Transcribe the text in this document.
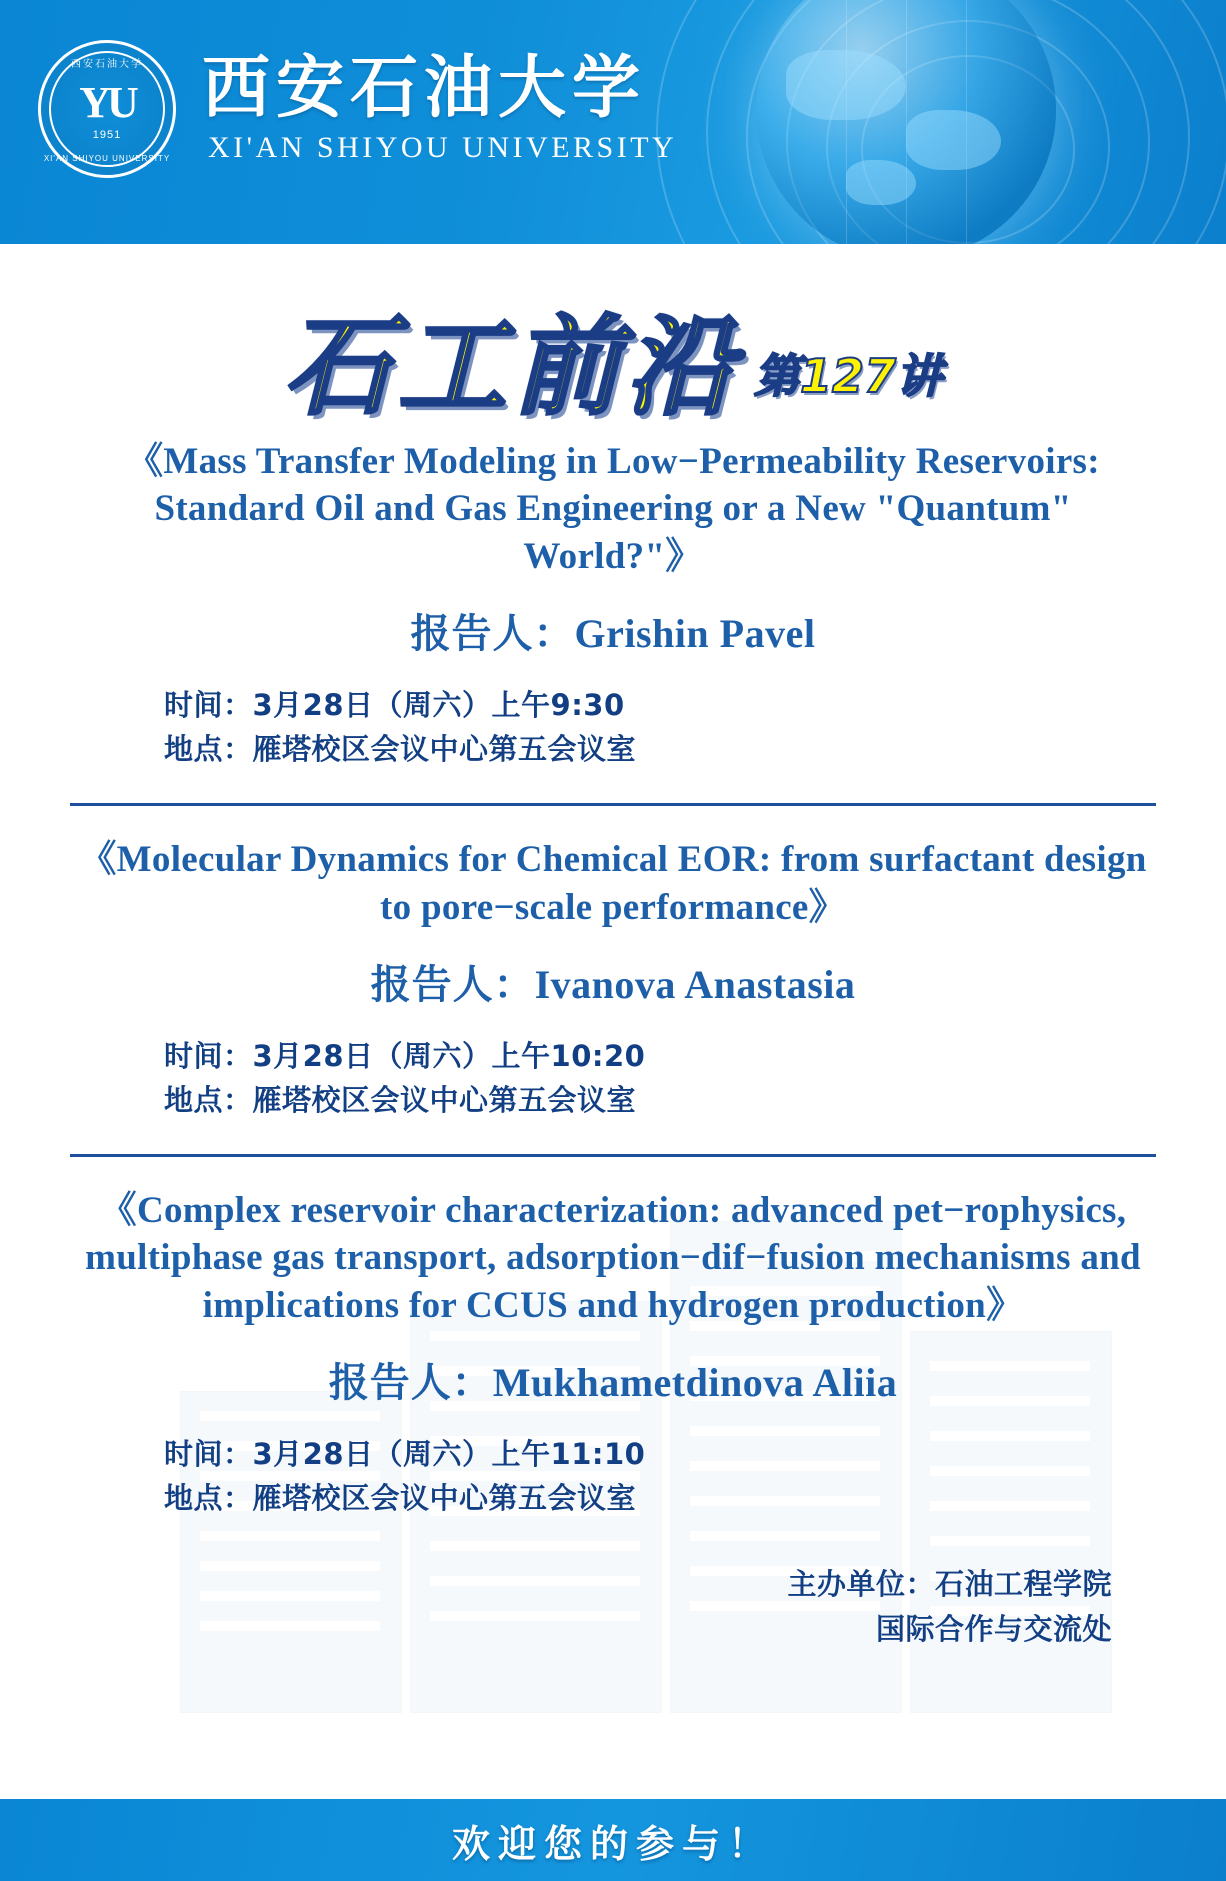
西安石油大学
YU
1951
XI'AN SHIYOU UNIVERSITY
西安石油大学
XI'AN SHIYOU UNIVERSITY
石工前沿 第127讲
《Mass Transfer Modeling in Low−Permeability Reservoirs: Standard Oil and Gas Engineering or a New "Quantum" World?"》
报告人：Grishin Pavel
时间：3月28日（周六）上午9:30
地点：雁塔校区会议中心第五会议室
《Molecular Dynamics for Chemical EOR: from surfactant design to pore−scale performance》
报告人：Ivanova Anastasia
时间：3月28日（周六）上午10:20
地点：雁塔校区会议中心第五会议室
《Complex reservoir characterization: advanced pet−rophysics, multiphase gas transport, adsorption−dif−fusion mechanisms and implications for CCUS and hydrogen production》
报告人：Mukhametdinova Aliia
时间：3月28日（周六）上午11:10
地点：雁塔校区会议中心第五会议室
主办单位：石油工程学院
国际合作与交流处
欢迎您的参与！
